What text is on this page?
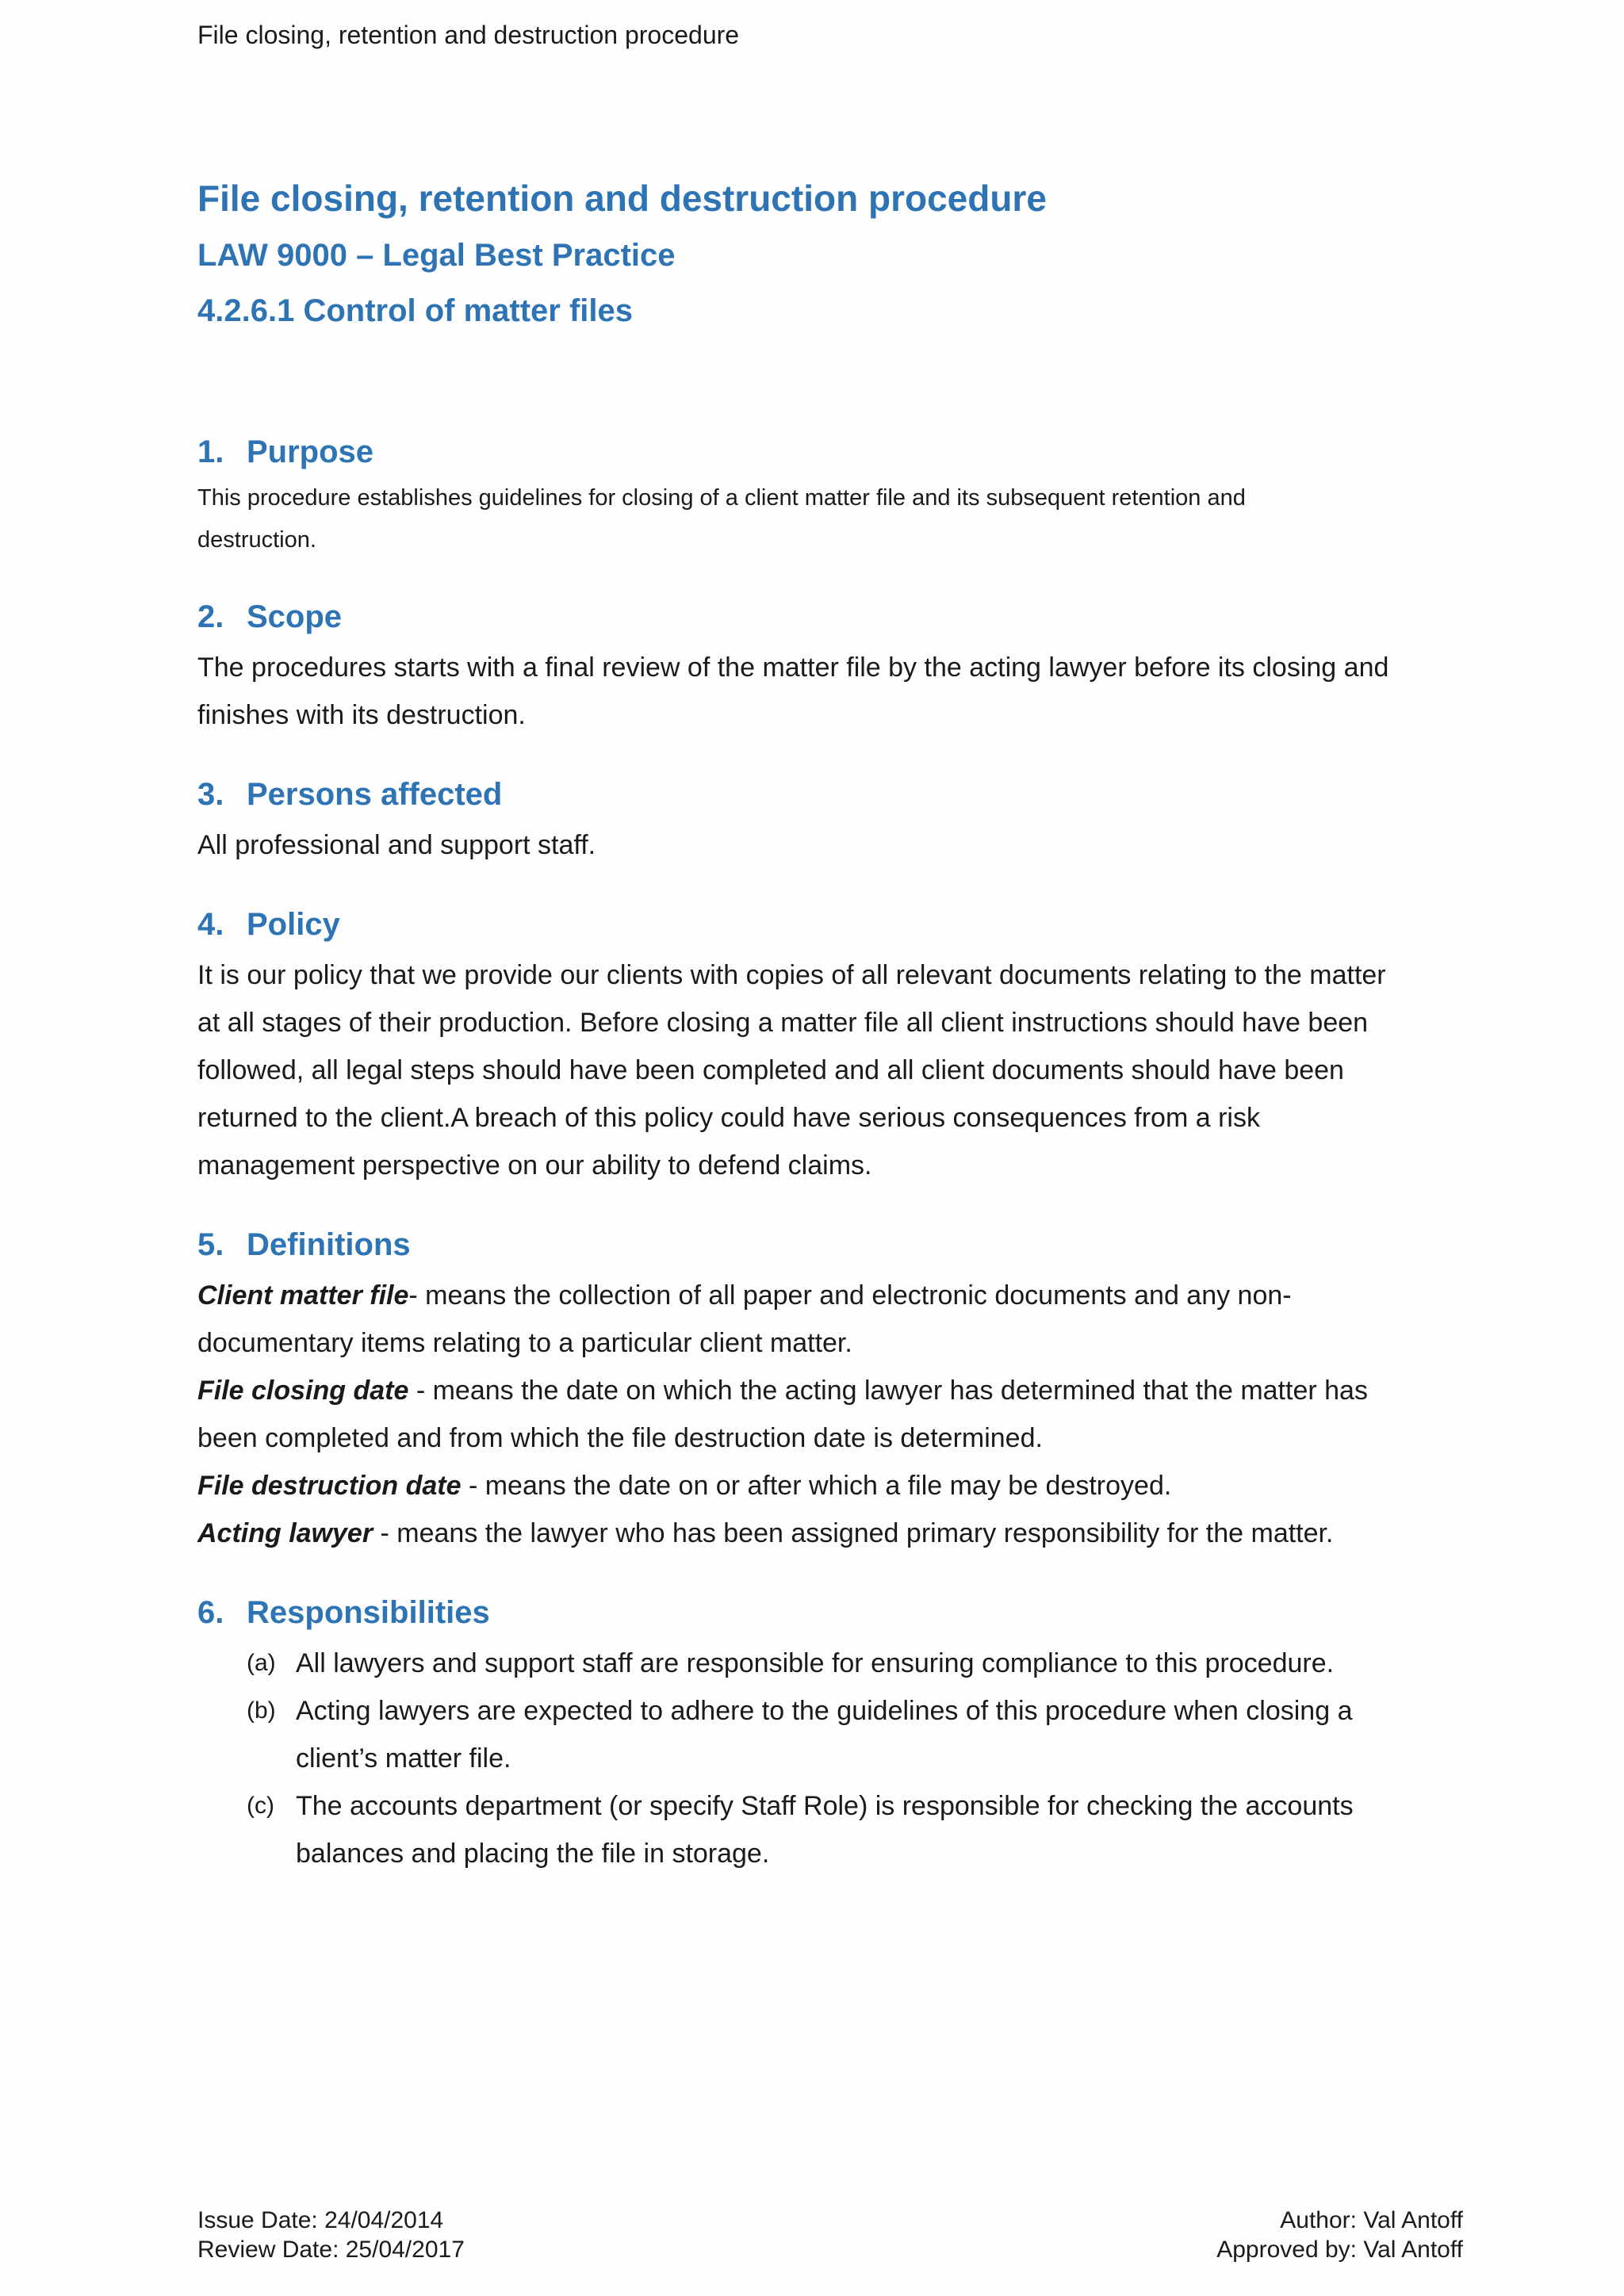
File closing, retention and destruction procedure
File closing, retention and destruction procedure
LAW 9000 – Legal Best Practice
4.2.6.1 Control of matter files
1. Purpose

This procedure establishes guidelines for closing of a client matter file and its subsequent retention and
destruction.

2. Scope

The procedures starts with a final review of the matter file by the acting lawyer before its closing and finishes with its destruction.

3. Persons affected

All professional and support staff.

4. Policy

It is our policy that we provide our clients with copies of all relevant documents relating to the matter at all stages of their production. Before closing a matter file all client instructions should have been followed, all legal steps should have been completed and all client documents should have been returned to the client.A breach of this policy could have serious consequences from a risk management perspective on our ability to defend claims.

5. Definitions

Client matter file- means the collection of all paper and electronic documents and any non-documentary items relating to a particular client matter.

File closing date - means the date on which the acting lawyer has determined that the matter has been completed and from which the file destruction date is determined.

File destruction date - means the date on or after which a file may be destroyed.

Acting lawyer - means the lawyer who has been assigned primary responsibility for the matter.

6. Responsibilities
(a) All lawyers and support staff are responsible for ensuring compliance to this procedure.
(b) Acting lawyers are expected to adhere to the guidelines of this procedure when closing a client’s matter file.
(c) The accounts department (or specify Staff Role) is responsible for checking the accounts balances and placing the file in storage.
Issue Date: 24/04/2014
Review Date: 25/04/2017
Author: Val Antoff
Approved by: Val Antoff
